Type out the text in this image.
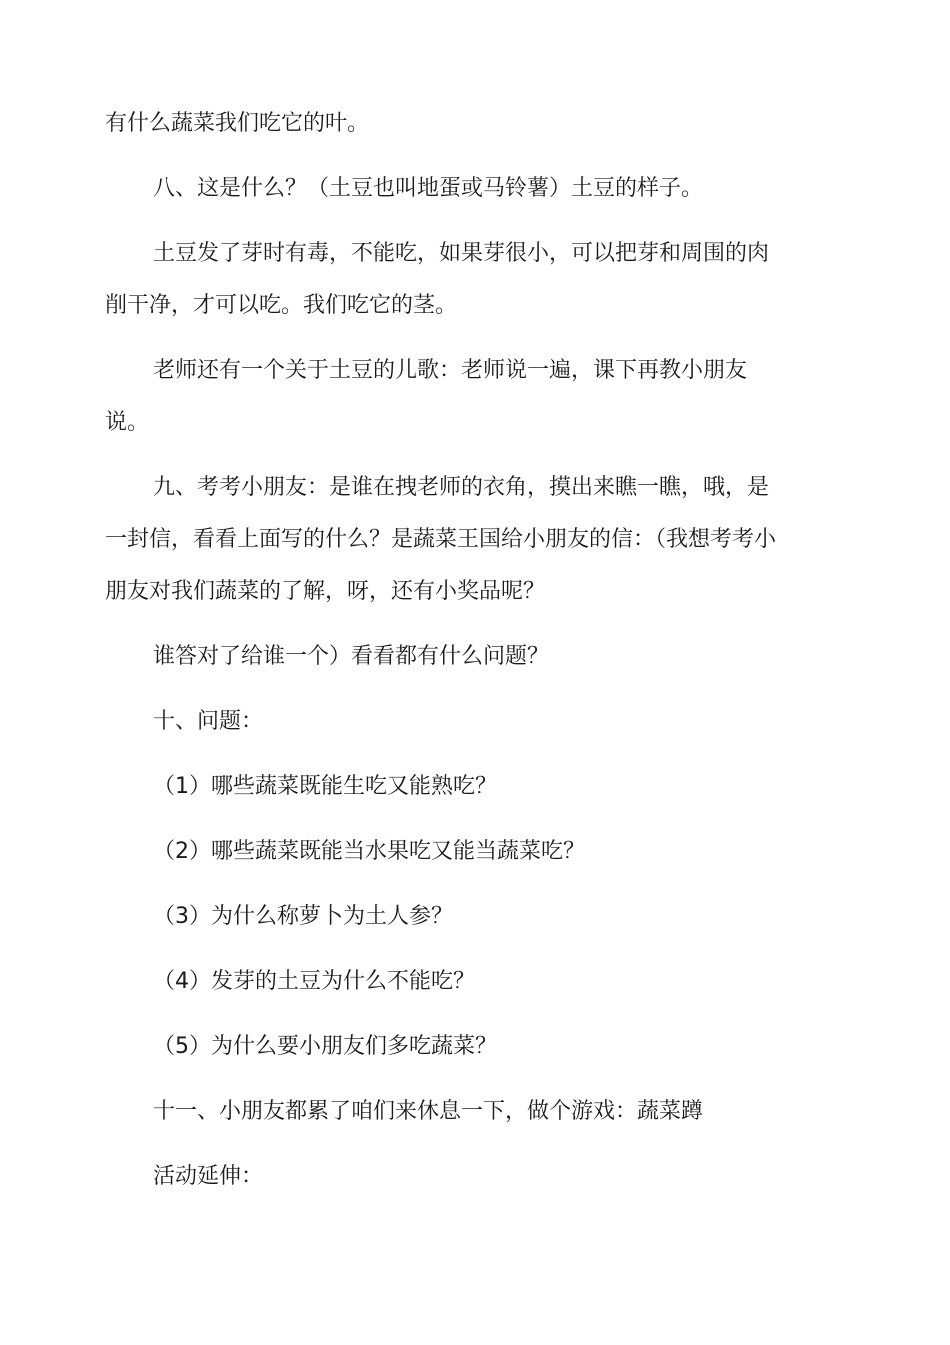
有什么蔬菜我们吃它的叶。

八、这是什么？（土豆也叫地蛋或马铃薯）土豆的样子。

土豆发了芽时有毒，不能吃，如果芽很小，可以把芽和周围的肉削干净，才可以吃。我们吃它的茎。

老师还有一个关于土豆的儿歌：老师说一遍，课下再教小朋友说。

九、考考小朋友：是谁在拽老师的衣角，摸出来瞧一瞧，哦，是一封信，看看上面写的什么？是蔬菜王国给小朋友的信：（我想考考小朋友对我们蔬菜的了解，呀，还有小奖品呢？

谁答对了给谁一个）看看都有什么问题？

十、问题：

（1）哪些蔬菜既能生吃又能熟吃？

（2）哪些蔬菜既能当水果吃又能当蔬菜吃？

（3）为什么称萝卜为土人参？

（4）发芽的土豆为什么不能吃？

（5）为什么要小朋友们多吃蔬菜？

十一、小朋友都累了咱们来休息一下，做个游戏：蔬菜蹲

活动延伸：
